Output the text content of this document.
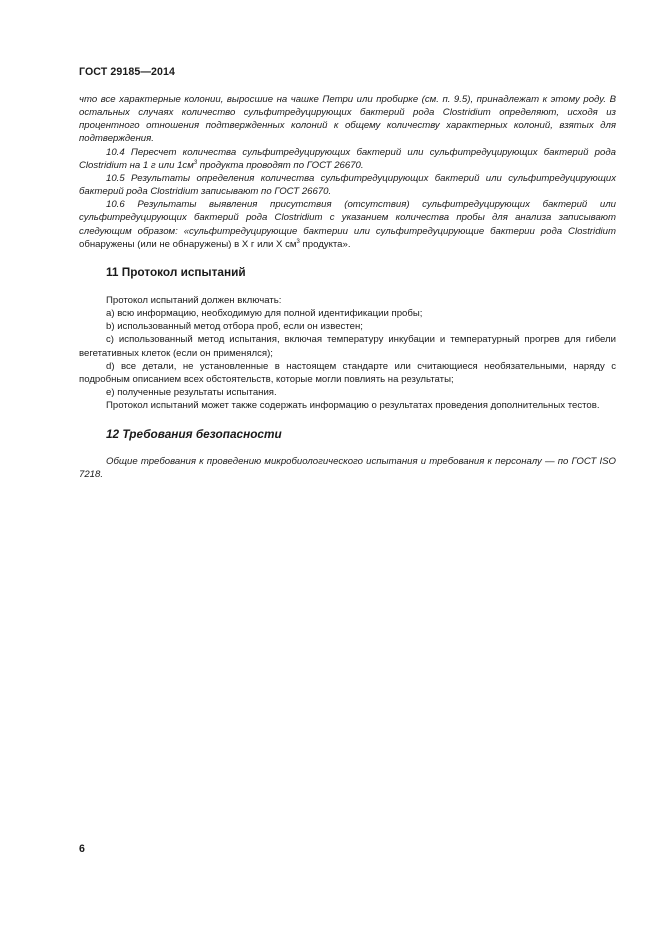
ГОСТ 29185—2014

что все характерные колонии, выросшие на чашке Петри или пробирке (см. п. 9.5), принадлежат к этому роду. В остальных случаях количество сульфитредуцирующих бактерий рода Clostridium определяют, исходя из процентного отношения подтвержденных колоний к общему количеству характерных колоний, взятых для подтверждения.

10.4 Пересчет количества сульфитредуцирующих бактерий или сульфитредуцирующих бактерий рода Clostridium на 1 г или $1см^3$ продукта проводят по ГОСТ 26670.

10.5 Результаты определения количества сульфитредуцирующих бактерий или сульфитредуцирующих бактерий рода Clostridium записывают по ГОСТ 26670.

10.6 Результаты выявления присутствия (отсутствия) сульфитредуцирующих бактерий или сульфитредуцирующих бактерий рода Clostridium с указанием количества пробы для анализа записывают следующим образом: «сульфитредуцирующие бактерии или сульфитредуцирующие бактерии рода Clostridium обнаружены (или не обнаружены) в Х г или Х $см^3$ продукта».

11 Протокол испытаний

Протокол испытаний должен включать:

а) всю информацию, необходимую для полной идентификации пробы;

b) использованный метод отбора проб, если он известен;

c) использованный метод испытания, включая температуру инкубации и температурный прогрев для гибели вегетативных клеток (если он применялся);

d) все детали, не установленные в настоящем стандарте или считающиеся необязательными, наряду с подробным описанием всех обстоятельств, которые могли повлиять на результаты;

е) полученные результаты испытания.

Протокол испытаний может также содержать информацию о результатах проведения дополнительных тестов.

12 Требования безопасности

Общие требования к проведению микробиологического испытания и требования к персоналу — по ГОСТ ISO 7218.

6
